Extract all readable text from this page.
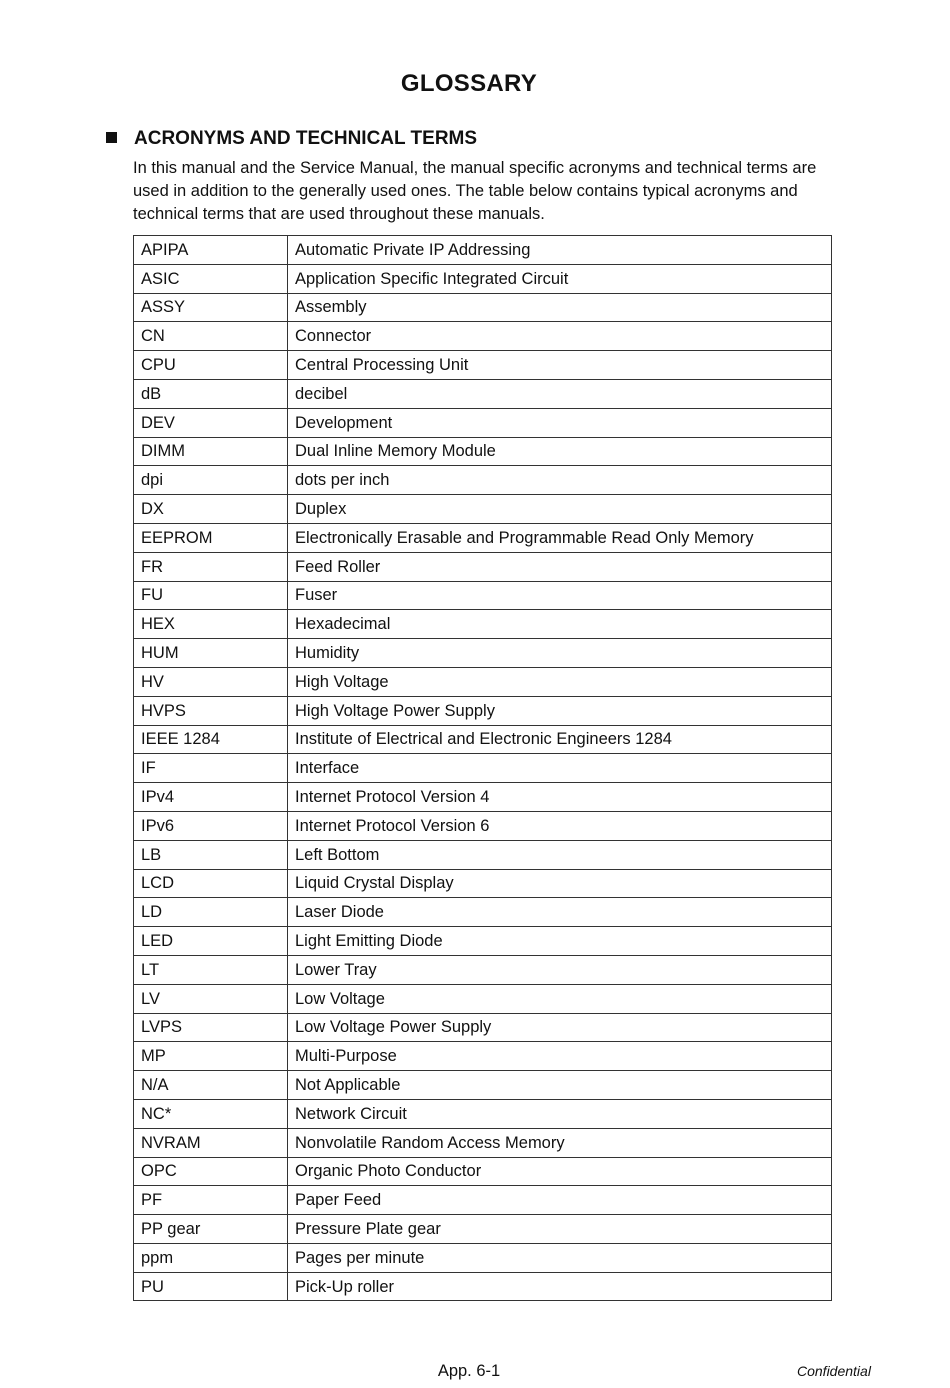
GLOSSARY
ACRONYMS AND TECHNICAL TERMS
In this manual and the Service Manual, the manual specific acronyms and technical terms are used in addition to the generally used ones. The table below contains typical acronyms and technical terms that are used throughout these manuals.
APIPA	Automatic Private IP Addressing
ASIC	Application Specific Integrated Circuit
ASSY	Assembly
CN	Connector
CPU	Central Processing Unit
dB	decibel
DEV	Development
DIMM	Dual Inline Memory Module
dpi	dots per inch
DX	Duplex
EEPROM	Electronically Erasable and Programmable Read Only Memory
FR	Feed Roller
FU	Fuser
HEX	Hexadecimal
HUM	Humidity
HV	High Voltage
HVPS	High Voltage Power Supply
IEEE 1284	Institute of Electrical and Electronic Engineers 1284
IF	Interface
IPv4	Internet Protocol Version 4
IPv6	Internet Protocol Version 6
LB	Left Bottom
LCD	Liquid Crystal Display
LD	Laser Diode
LED	Light Emitting Diode
LT	Lower Tray
LV	Low Voltage
LVPS	Low Voltage Power Supply
MP	Multi-Purpose
N/A	Not Applicable
NC*	Network Circuit
NVRAM	Nonvolatile Random Access Memory
OPC	Organic Photo Conductor
PF	Paper Feed
PP gear	Pressure Plate gear
ppm	Pages per minute
PU	Pick-Up roller
App. 6-1	Confidential
